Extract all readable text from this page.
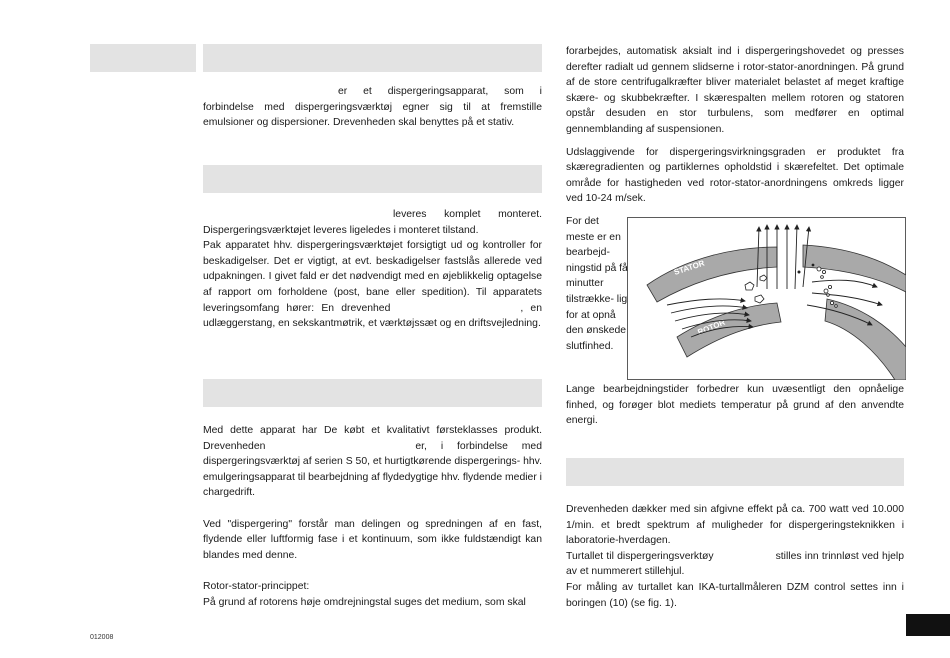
er et dispergeringsapparat, som i forbindelse med dispergeringsværktøj egner sig til at fremstille emulsioner og dispersioner. Drevenheden skal benyttes på et stativ.

leveres komplet monteret. Dispergeringsværktøjet leveres ligeledes i monteret tilstand.

Pak apparatet hhv. dispergeringsværktøjet forsigtigt ud og kontroller for beskadigelser. Det er vigtigt, at evt. beskadigelser fastslås allerede ved udpakningen. I givet fald er det nødvendigt med en øjeblikkelig optagelse af rapport om forholdene (post, bane eller spedition). Til apparatets leveringsomfang hører: En drevenhed	, en udlæggerstang, en sekskantmøtrik, et værktøjssæt og en driftsvejledning.

Med dette apparat har De købt et kvalitativt førsteklasses produkt. Drevenheden	er, i forbindelse med dispergeringsværktøj af serien S 50, et hurtigtkørende dispergerings- hhv. emulgeringsapparat til bearbejdning af flydedygtige hhv. flydende medier i chargedrift.

Ved "dispergering" forstår man delingen og spredningen af en fast, flydende eller luftformig fase i et kontinuum, som ikke fuldstændigt kan blandes med denne.

Rotor-stator-princippet:

På grund af rotorens høje omdrejningstal suges det medium, som skal

forarbejdes, automatisk aksialt ind i dispergeringshovedet og presses derefter radialt ud gennem slidserne i rotor-stator-anordningen. På grund af de store centrifugalkræfter bliver materialet belastet af meget kraftige skære- og skubbekræfter. I skærespalten mellem rotoren og statoren opstår desuden en stor turbulens, som medfører en optimal gennemblanding af suspensionen.

Udslaggivende for dispergeringsvirkningsgraden er produktet fra skæregradienten og partiklernes opholdstid i skærefeltet. Det optimale område for hastigheden ved rotor-stator-anordningens omkreds ligger ved 10-24 m/sek.

For det meste er en bearbejd- ningstid på få minutter tilstrække- lig for at opnå den ønskede slutfinhed.
STATOR
ROTOR

Lange bearbejdningstider forbedrer kun uvæsentligt den opnåelige finhed, og forøger blot mediets temperatur på grund af den anvendte energi.

Drevenheden dækker med sin afgivne effekt på ca. 700 watt ved 10.000 1/min. et bredt spektrum af muligheder for dispergeringsteknikken i laboratorie-hverdagen.

Turtallet til dispergeringsverktøy	stilles inn trinnløst ved hjelp av et nummerert stillehjul.

For måling av turtallet kan IKA-turtallmåleren DZM control settes inn i boringen (10) (se fig. 1).

012008
